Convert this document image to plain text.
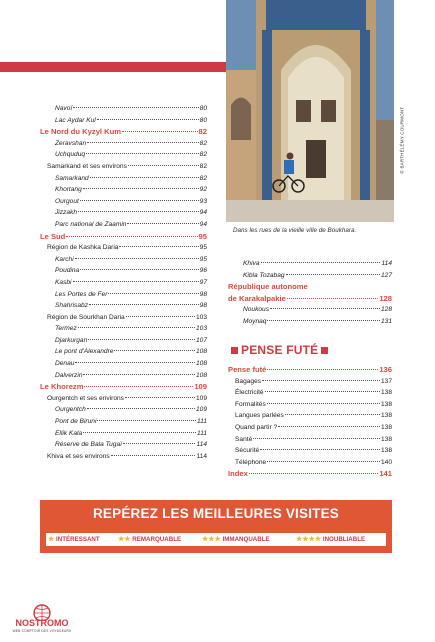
© BARTHÉLÉMY COURMONT
Dans les rues de la vieille ville de Boukhara.
Navoï	80
Lac Aydar Kul	80
Le Nord du Kyzyl Kum	82
Zeravshan	82
Uchquduq	82
Samarkand et ses environs	82
Samarkand	82
Khortang	92
Ourgout	93
Jizzakh	94
Parc national de Zaamin	94
Le Sud	95
Région de Kashka Daria	95
Karchi	95
Poudina	96
Kasbi	97
Les Portes de Fer	98
Shahrisabz	98
Région de Sourkhan Daria	103
Termez	103
Djarkurgan	107
Le pont d'Alexandre	108
Denau	108
Dalverzin	108
Le Khorezm	109
Ourgentch et ses environs	109
Ourgentch	109
Pont de Biruni	111
Ellik Kala	111
Réserve de Bala Tugaï	114
Khiva et ses environs	114
Khiva	114
Kibla Tozabag	127
République autonome
de Karakalpakie	128
Noukous	128
Moynaq	131
PENSE FUTÉ
Pense futé	136
Bagages	137
Électricité	138
Formalités	138
Langues parlées	138
Quand partir ?	138
Santé	138
Sécurité	138
Téléphone	140
Index	141
REPÉREZ LES MEILLEURES VISITES
★ INTÉRESSANT	★★ REMARQUABLE	★★★ IMMANQUABLE	★★★★ INOUBLIABLE
NOSTROMO
WEB COMPTOIR DES VOYAGEURS
